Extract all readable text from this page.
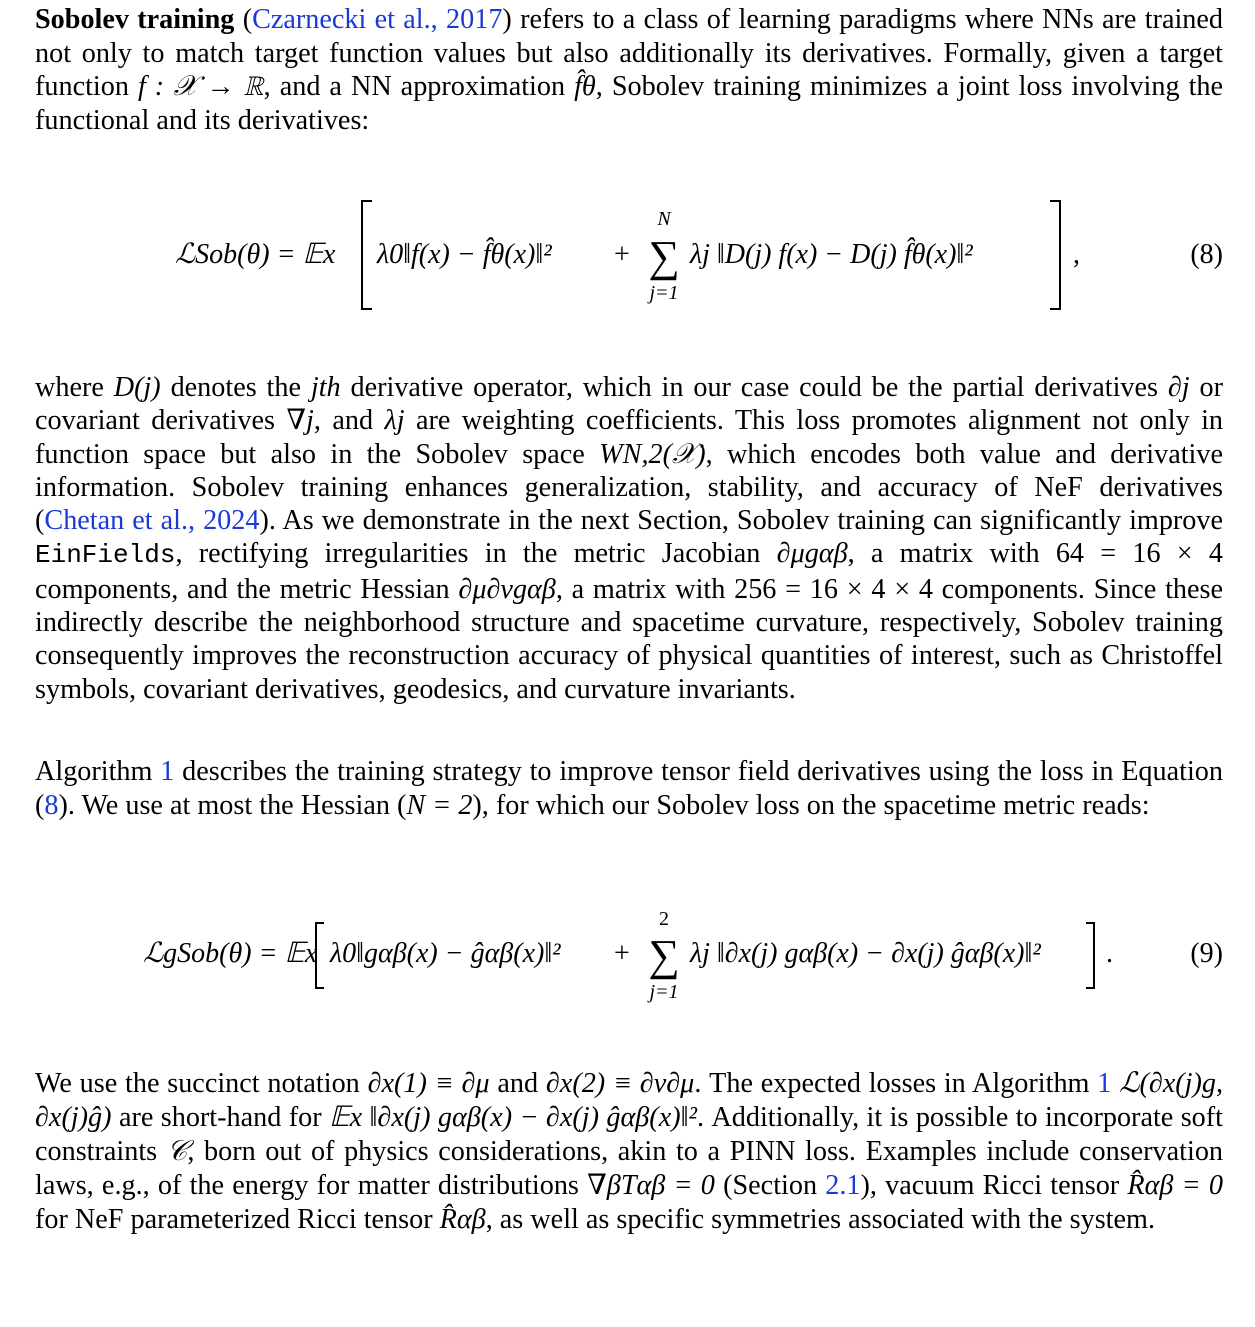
Sobolev training (Czarnecki et al., 2017) refers to a class of learning paradigms where NNs are trained not only to match target function values but also additionally its derivatives. Formally, given a target function f : 𝒳 → ℝ, and a NN approximation f̂θ, Sobolev training minimizes a joint loss involving the functional and its derivatives:
ℒSob(θ) = 𝔼x λ0‖f(x) − f̂θ(x)‖² +
N
∑
j=1
λj ‖D(j) f(x) − D(j) f̂θ(x)‖²	,	(8)
where D(j) denotes the jth derivative operator, which in our case could be the partial derivatives ∂j or covariant derivatives ∇j, and λj are weighting coefficients. This loss promotes alignment not only in function space but also in the Sobolev space WN,2(𝒳), which encodes both value and derivative information. Sobolev training enhances generalization, stability, and accuracy of NeF derivatives (Chetan et al., 2024). As we demonstrate in the next Section, Sobolev training can significantly improve EinFields, rectifying irregularities in the metric Jacobian ∂μgαβ, a matrix with 64 = 16 × 4 components, and the metric Hessian ∂μ∂νgαβ, a matrix with 256 = 16 × 4 × 4 components. Since these indirectly describe the neighborhood structure and spacetime curvature, respectively, Sobolev training consequently improves the reconstruction accuracy of physical quantities of interest, such as Christoffel symbols, covariant derivatives, geodesics, and curvature invariants.
Algorithm 1 describes the training strategy to improve tensor field derivatives using the loss in Equation (8). We use at most the Hessian (N = 2), for which our Sobolev loss on the spacetime metric reads:
ℒgSob(θ) = 𝔼x λ0‖gαβ(x) − ĝαβ(x)‖² +
2
∑
j=1
λj ‖∂x(j) gαβ(x) − ∂x(j) ĝαβ(x)‖² .	(9)
We use the succinct notation ∂x(1) ≡ ∂μ and ∂x(2) ≡ ∂ν∂μ. The expected losses in Algorithm 1 ℒ(∂x(j)g, ∂x(j)ĝ) are short-hand for 𝔼x ‖∂x(j) gαβ(x) − ∂x(j) ĝαβ(x)‖². Additionally, it is possible to incorporate soft constraints 𝒞, born out of physics considerations, akin to a PINN loss. Examples include conservation laws, e.g., of the energy for matter distributions ∇βTαβ = 0 (Section 2.1), vacuum Ricci tensor R̂αβ = 0 for NeF parameterized Ricci tensor R̂αβ, as well as specific symmetries associated with the system.
